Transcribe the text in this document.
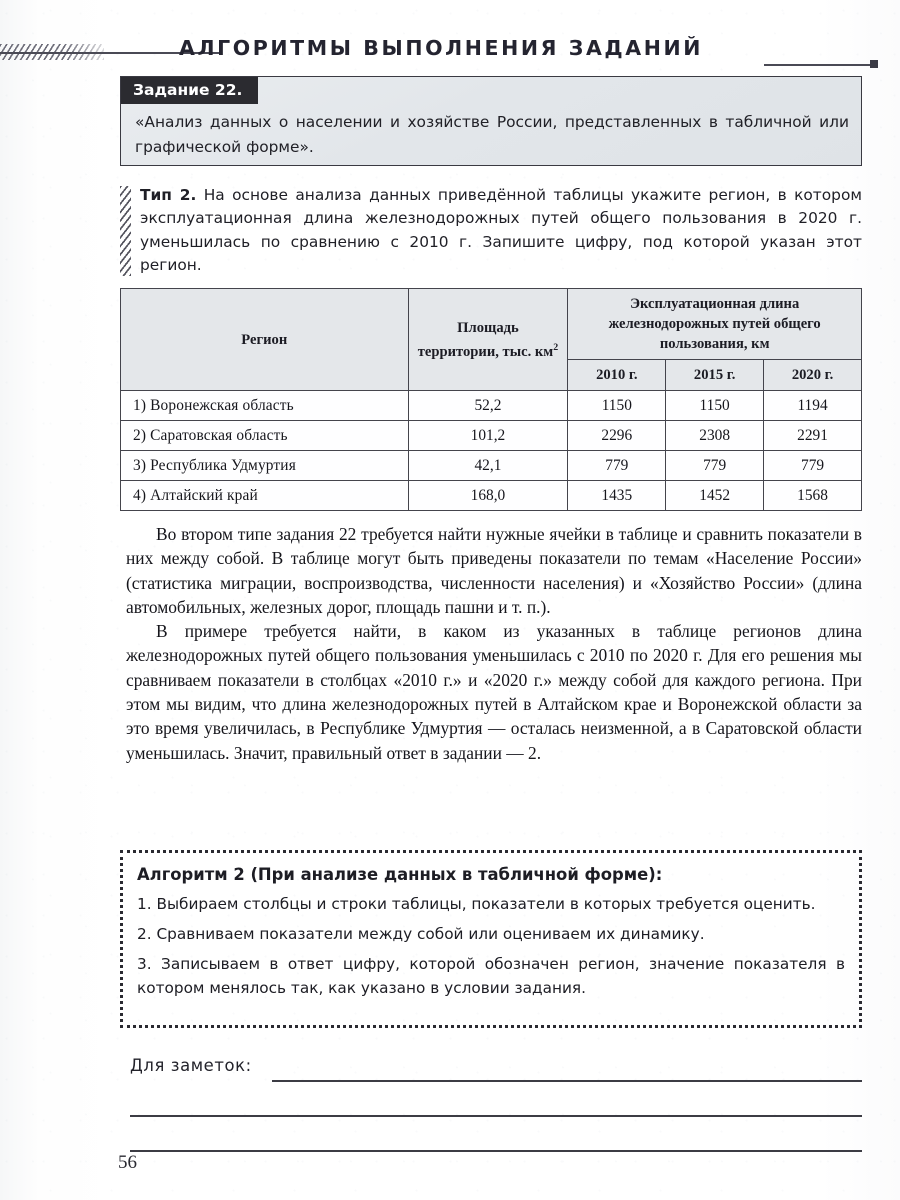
АЛГОРИТМЫ ВЫПОЛНЕНИЯ ЗАДАНИЙ
Задание 22.
«Анализ данных о населении и хозяйстве России, представленных в табличной или графической форме».
Тип 2. На основе анализа данных приведённой таблицы укажите регион, в котором эксплуатационная длина железнодорожных путей общего пользования в 2020 г. уменьшилась по сравнению с 2010 г. Запишите цифру, под которой указан этот регион.
Регион	Площадь территории, тыс. $км^2$	Эксплуатационная длина железнодорожных путей общего пользования, км		
		2010 г.	2015 г.	2020 г.
1) Воронежская область	52,2	1150	1150	1194
2) Саратовская область	101,2	2296	2308	2291
3) Республика Удмуртия	42,1	779	779	779
4) Алтайский край	168,0	1435	1452	1568

Во втором типе задания 22 требуется найти нужные ячейки в таблице и сравнить показатели в них между собой. В таблице могут быть приведены показатели по темам «Население России» (статистика миграции, воспроизводства, численности населения) и «Хозяйство России» (длина автомобильных, железных дорог, площадь пашни и т. п.).

В примере требуется найти, в каком из указанных в таблице регионов длина железнодорожных путей общего пользования уменьшилась с 2010 по 2020 г. Для его решения мы сравниваем показатели в столбцах «2010 г.» и «2020 г.» между собой для каждого региона. При этом мы видим, что длина железнодорожных путей в Алтайском крае и Воронежской области за это время увеличилась, в Республике Удмуртия — осталась неизменной, а в Саратовской области уменьшилась. Значит, правильный ответ в задании — 2.

Алгоритм 2 (При анализе данных в табличной форме):
1. Выбираем столбцы и строки таблицы, показатели в которых требуется оценить.
2. Сравниваем показатели между собой или оцениваем их динамику.
3. Записываем в ответ цифру, которой обозначен регион, значение показателя в котором менялось так, как указано в условии задания.
Для заметок:
56
